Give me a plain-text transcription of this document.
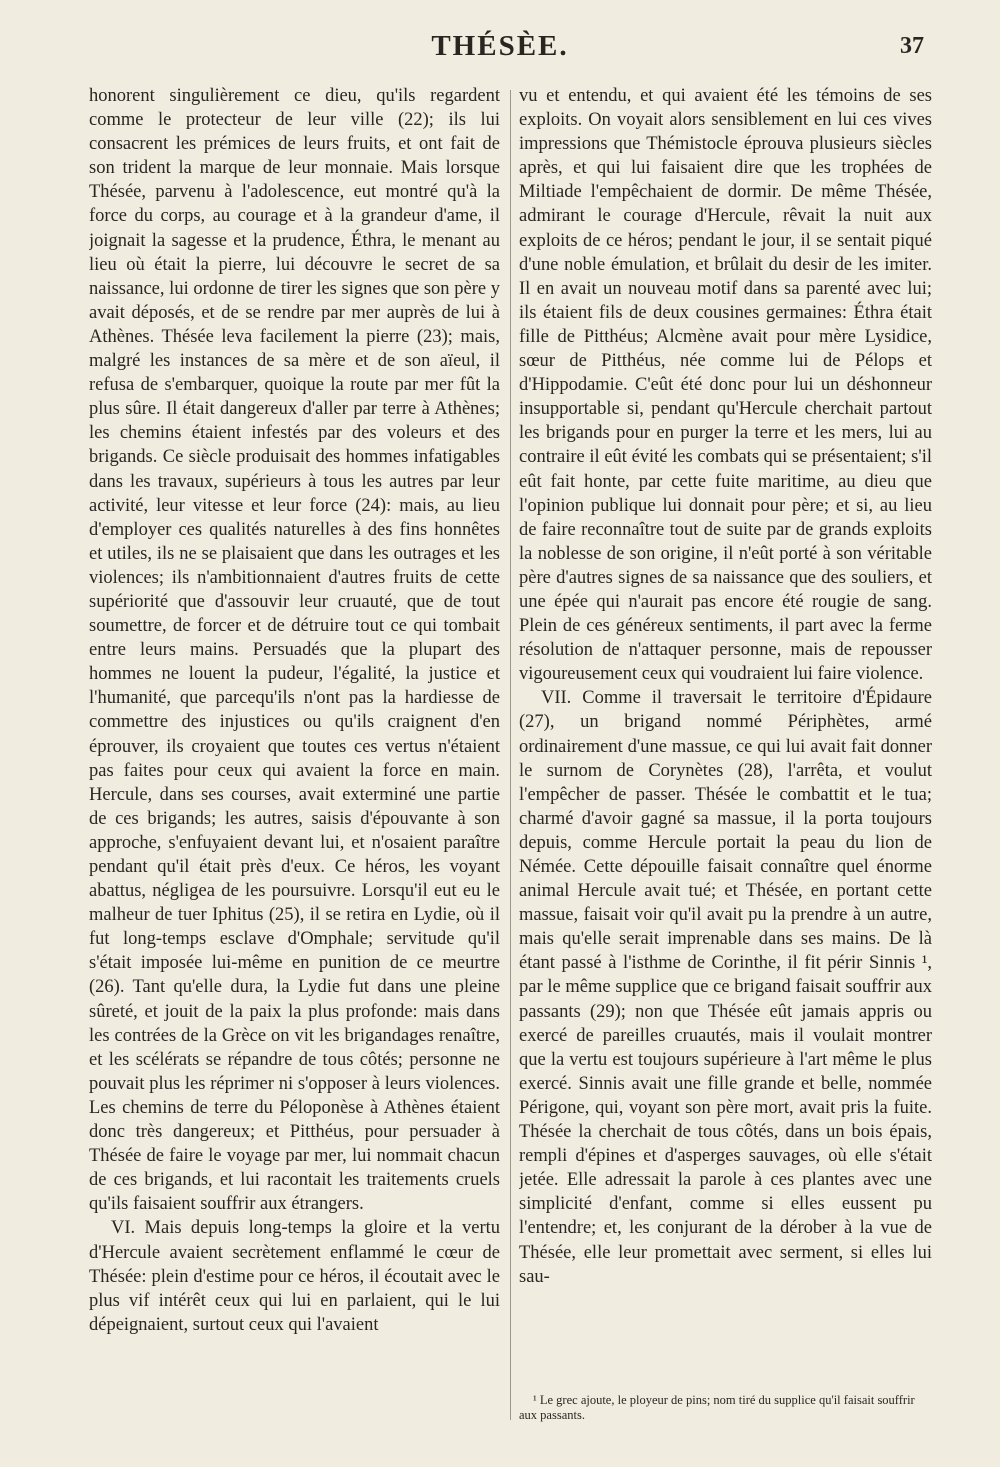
THÉSÈE.	37

honorent singulièrement ce dieu, qu'ils regardent comme le protecteur de leur ville (22); ils lui consacrent les prémices de leurs fruits, et ont fait de son trident la marque de leur monnaie. Mais lorsque Thésée, parvenu à l'adolescence, eut montré qu'à la force du corps, au courage et à la grandeur d'ame, il joignait la sagesse et la prudence, Éthra, le menant au lieu où était la pierre, lui découvre le secret de sa naissance, lui ordonne de tirer les signes que son père y avait déposés, et de se rendre par mer auprès de lui à Athènes. Thésée leva facilement la pierre (23); mais, malgré les instances de sa mère et de son aïeul, il refusa de s'embarquer, quoique la route par mer fût la plus sûre. Il était dangereux d'aller par terre à Athènes; les chemins étaient infestés par des voleurs et des brigands. Ce siècle produisait des hommes infatigables dans les travaux, supérieurs à tous les autres par leur activité, leur vitesse et leur force (24): mais, au lieu d'employer ces qualités naturelles à des fins honnêtes et utiles, ils ne se plaisaient que dans les outrages et les violences; ils n'ambitionnaient d'autres fruits de cette supériorité que d'assouvir leur cruauté, que de tout soumettre, de forcer et de détruire tout ce qui tombait entre leurs mains. Persuadés que la plupart des hommes ne louent la pudeur, l'égalité, la justice et l'humanité, que parcequ'ils n'ont pas la hardiesse de commettre des injustices ou qu'ils craignent d'en éprouver, ils croyaient que toutes ces vertus n'étaient pas faites pour ceux qui avaient la force en main. Hercule, dans ses courses, avait exterminé une partie de ces brigands; les autres, saisis d'épouvante à son approche, s'enfuyaient devant lui, et n'osaient paraître pendant qu'il était près d'eux. Ce héros, les voyant abattus, négligea de les poursuivre. Lorsqu'il eut eu le malheur de tuer Iphitus (25), il se retira en Lydie, où il fut long-temps esclave d'Omphale; servitude qu'il s'était imposée lui-même en punition de ce meurtre (26). Tant qu'elle dura, la Lydie fut dans une pleine sûreté, et jouit de la paix la plus profonde: mais dans les contrées de la Grèce on vit les brigandages renaître, et les scélérats se répandre de tous côtés; personne ne pouvait plus les réprimer ni s'opposer à leurs violences. Les chemins de terre du Péloponèse à Athènes étaient donc très dangereux; et Pitthéus, pour persuader à Thésée de faire le voyage par mer, lui nommait chacun de ces brigands, et lui racontait les traitements cruels qu'ils faisaient souffrir aux étrangers.

VI. Mais depuis long-temps la gloire et la vertu d'Hercule avaient secrètement enflammé le cœur de Thésée: plein d'estime pour ce héros, il écoutait avec le plus vif intérêt ceux qui lui en parlaient, qui le lui dépeignaient, surtout ceux qui l'avaient

vu et entendu, et qui avaient été les témoins de ses exploits. On voyait alors sensiblement en lui ces vives impressions que Thémistocle éprouva plusieurs siècles après, et qui lui faisaient dire que les trophées de Miltiade l'empêchaient de dormir. De même Thésée, admirant le courage d'Hercule, rêvait la nuit aux exploits de ce héros; pendant le jour, il se sentait piqué d'une noble émulation, et brûlait du desir de les imiter. Il en avait un nouveau motif dans sa parenté avec lui; ils étaient fils de deux cousines germaines: Éthra était fille de Pitthéus; Alcmène avait pour mère Lysidice, sœur de Pitthéus, née comme lui de Pélops et d'Hippodamie. C'eût été donc pour lui un déshonneur insupportable si, pendant qu'Hercule cherchait partout les brigands pour en purger la terre et les mers, lui au contraire il eût évité les combats qui se présentaient; s'il eût fait honte, par cette fuite maritime, au dieu que l'opinion publique lui donnait pour père; et si, au lieu de faire reconnaître tout de suite par de grands exploits la noblesse de son origine, il n'eût porté à son véritable père d'autres signes de sa naissance que des souliers, et une épée qui n'aurait pas encore été rougie de sang. Plein de ces généreux sentiments, il part avec la ferme résolution de n'attaquer personne, mais de repousser vigoureusement ceux qui voudraient lui faire violence.

VII. Comme il traversait le territoire d'Épidaure (27), un brigand nommé Périphètes, armé ordinairement d'une massue, ce qui lui avait fait donner le surnom de Corynètes (28), l'arrêta, et voulut l'empêcher de passer. Thésée le combattit et le tua; charmé d'avoir gagné sa massue, il la porta toujours depuis, comme Hercule portait la peau du lion de Némée. Cette dépouille faisait connaître quel énorme animal Hercule avait tué; et Thésée, en portant cette massue, faisait voir qu'il avait pu la prendre à un autre, mais qu'elle serait imprenable dans ses mains. De là étant passé à l'isthme de Corinthe, il fit périr Sinnis ¹, par le même supplice que ce brigand faisait souffrir aux passants (29); non que Thésée eût jamais appris ou exercé de pareilles cruautés, mais il voulait montrer que la vertu est toujours supérieure à l'art même le plus exercé. Sinnis avait une fille grande et belle, nommée Périgone, qui, voyant son père mort, avait pris la fuite. Thésée la cherchait de tous côtés, dans un bois épais, rempli d'épines et d'asperges sauvages, où elle s'était jetée. Elle adressait la parole à ces plantes avec une simplicité d'enfant, comme si elles eussent pu l'entendre; et, les conjurant de la dérober à la vue de Thésée, elle leur promettait avec serment, si elles lui sau-

¹ Le grec ajoute, le ployeur de pins; nom tiré du supplice qu'il faisait souffrir aux passants.
